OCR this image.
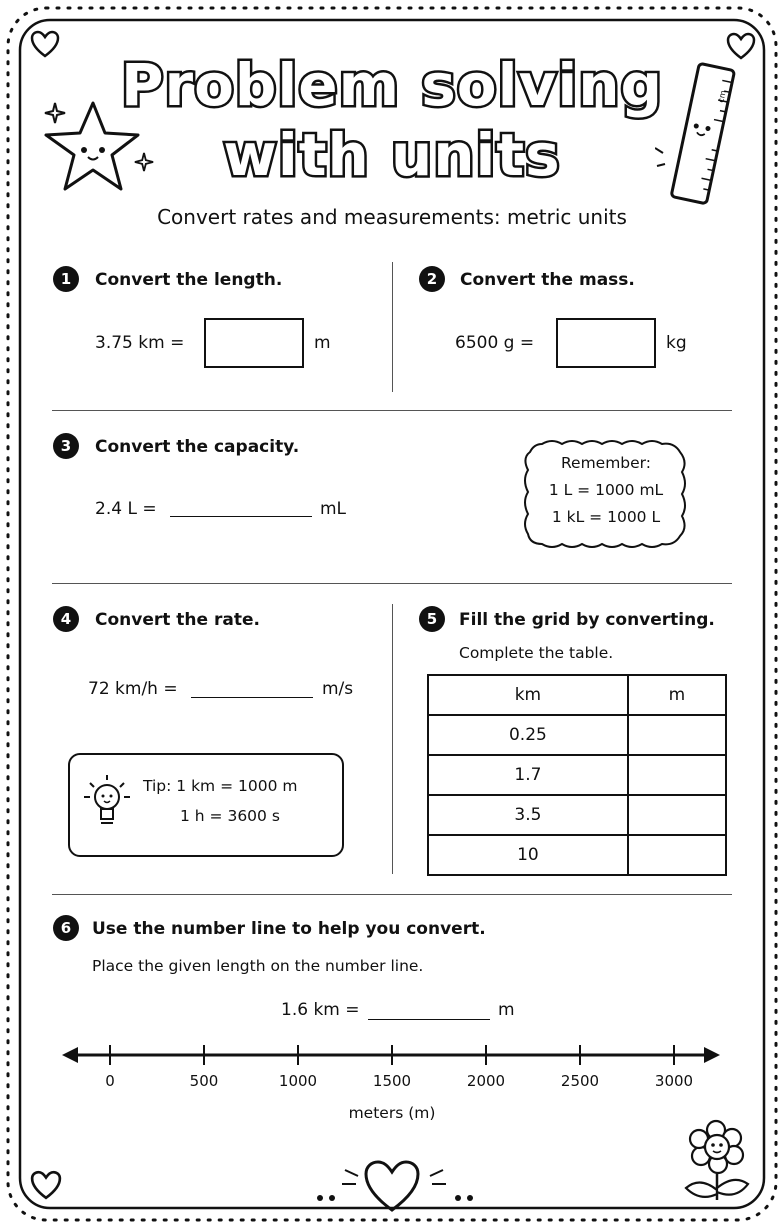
cm
Problem solving
with units
Convert rates and measurements: metric units
1	Convert the length.
3.75 km =	m
2	Convert the mass.
6500 g =	kg
3	Convert the capacity.
2.4 L =	mL
Remember:
1 L = 1000 mL
1 kL = 1000 L
4	Convert the rate.
72 km/h =	m/s
Tip: 1 km = 1000 m
1 h = 3600 s
5	Fill the grid by converting.
Complete the table.
km	m
0.25	
1.7	
3.5	
10	
6	Use the number line to help you convert.
Place the given length on the number line.
1.6 km =	m
0	500	1000	1500	2000	2500	3000
meters (m)
